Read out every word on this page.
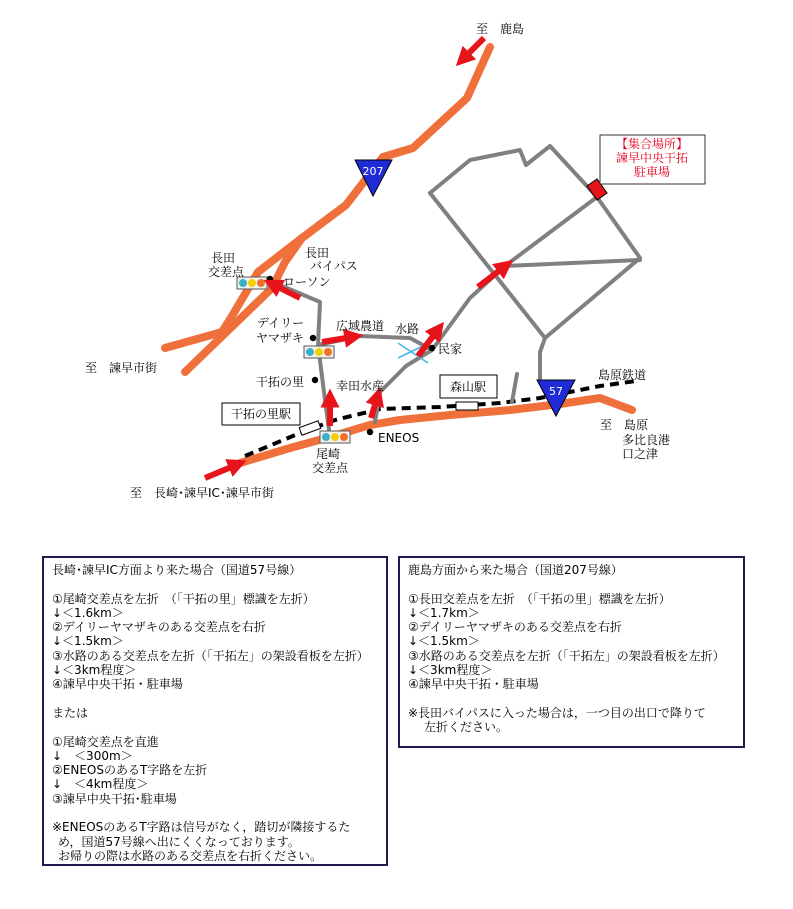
207
57
【集合場所】
諫早中央干拓
駐車場
干拓の里駅
森山駅
至　鹿島
長田
交差点
長田
バイパス
ローソン
デイリー
ヤマザキ
広域農道 水路
民家
干拓の里	幸田水産
ENEOS
尾崎
交差点
至　諫早市街
至　長崎･諫早IC･諫早市街
島原鉄道
至　島原
多比良港
口之津
長崎･諫早IC方面より来た場合（国道57号線）
①尾崎交差点を左折　（「干拓の里」標識を左折）
↓＜1.6km＞
②デイリーヤマザキのある交差点を右折
↓＜1.5km＞
③水路のある交差点を左折（「干拓左」の架設看板を左折）
↓＜3km程度＞
④諫早中央干拓・駐車場
または
①尾崎交差点を直進
↓　＜300m＞
②ENEOSのあるT字路を左折
↓　＜4km程度＞
③諫早中央干拓･駐車場
※ENEOSのあるT字路は信号がなく，踏切が隣接するた
め，国道57号線へ出にくくなっております。
お帰りの際は水路のある交差点を右折ください。
鹿島方面から来た場合（国道207号線）
①長田交差点を左折　（「干拓の里」標識を左折）
↓＜1.7km＞
②デイリーヤマザキのある交差点を右折
↓＜1.5km＞
③水路のある交差点を左折（「干拓左」の架設看板を左折）
↓＜3km程度＞
④諫早中央干拓・駐車場
※長田バイパスに入った場合は，一つ目の出口で降りて
左折ください。
